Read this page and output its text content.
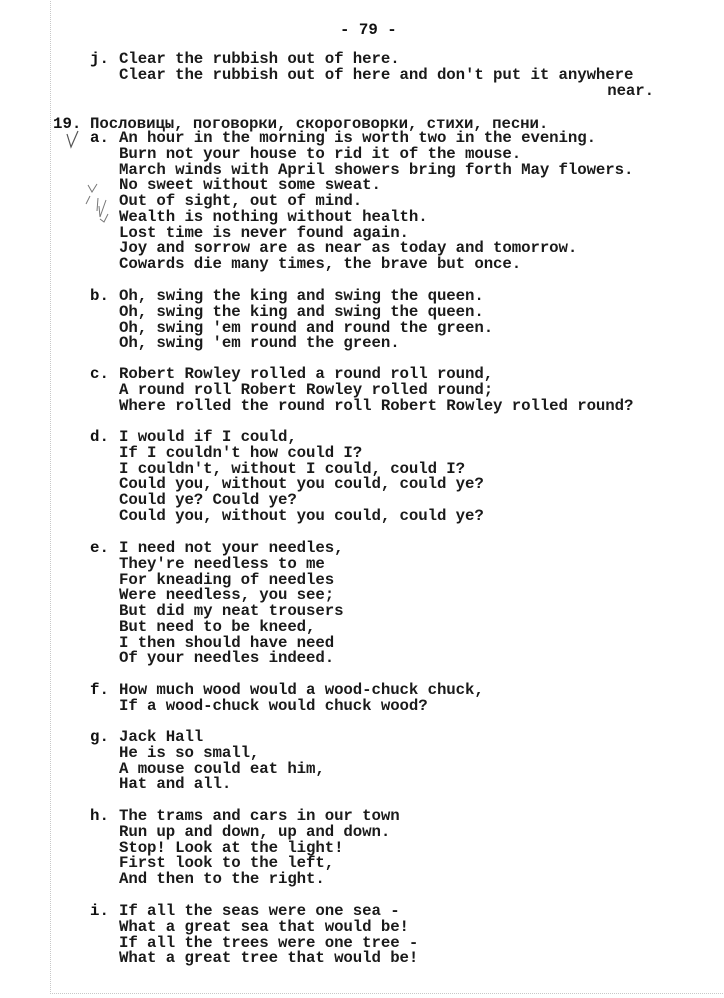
- 79 -
j. Clear the rubbish out of here.
Clear the rubbish out of here and don't put it anywhere
near.
19. Пословицы, поговорки, скороговорки, стихи, песни.
a. An hour in the morning is worth two in the evening.
Burn not your house to rid it of the mouse.
March winds with April showers bring forth May flowers.
No sweet without some sweat.
Out of sight, out of mind.
Wealth is nothing without health.
Lost time is never found again.
Joy and sorrow are as near as today and tomorrow.
Cowards die many times, the brave but once.
b. Oh, swing the king and swing the queen.
Oh, swing the king and swing the queen.
Oh, swing 'em round and round the green.
Oh, swing 'em round the green.
c. Robert Rowley rolled a round roll round,
A round roll Robert Rowley rolled round;
Where rolled the round roll Robert Rowley rolled round?
d. I would if I could,
If I couldn't how could I?
I couldn't, without I could, could I?
Could you, without you could, could ye?
Could ye? Could ye?
Could you, without you could, could ye?
e. I need not your needles,
They're needless to me
For kneading of needles
Were needless, you see;
But did my neat trousers
But need to be kneed,
I then should have need
Of your needles indeed.
f. How much wood would a wood-chuck chuck,
If a wood-chuck would chuck wood?
g. Jack Hall
He is so small,
A mouse could eat him,
Hat and all.
h. The trams and cars in our town
Run up and down, up and down.
Stop! Look at the light!
First look to the left,
And then to the right.
i. If all the seas were one sea -
What a great sea that would be!
If all the trees were one tree -
What a great tree that would be!
